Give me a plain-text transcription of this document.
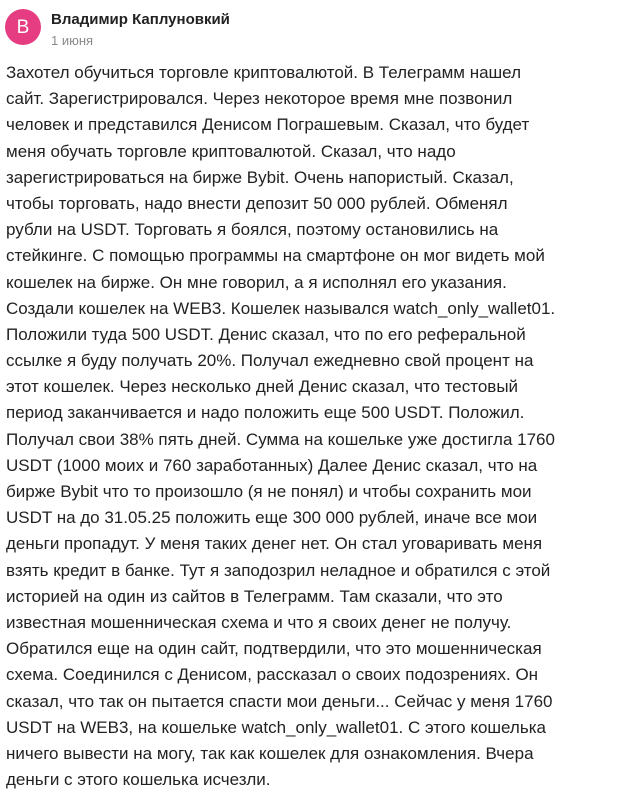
В Владимир Каплуновкий
1 июня

Захотел обучиться торговле криптовалютой. В Телеграмм нашел
сайт. Зарегистрировался. Через некоторое время мне позвонил
человек и представился Денисом Пограшевым. Сказал, что будет
меня обучать торговле криптовалютой. Сказал, что надо
зарегистрироваться на бирже Bybit. Очень напористый. Сказал,
чтобы торговать, надо внести депозит 50 000 рублей. Обменял
рубли на USDT. Торговать я боялся, поэтому остановились на
стейкинге. С помощью программы на смартфоне он мог видеть мой
кошелек на бирже. Он мне говорил, а я исполнял его указания.
Создали кошелек на WEB3. Кошелек назывался watch_only_wallet01.
Положили туда 500 USDT. Денис сказал, что по его реферальной
ссылке я буду получать 20%. Получал ежедневно свой процент на
этот кошелек. Через несколько дней Денис сказал, что тестовый
период заканчивается и надо положить еще 500 USDT. Положил.
Получал свои 38% пять дней. Сумма на кошельке уже достигла 1760
USDT (1000 моих и 760 заработанных) Далее Денис сказал, что на
бирже Bybit что то произошло (я не понял) и чтобы сохранить мои
USDT на до 31.05.25 положить еще 300 000 рублей, иначе все мои
деньги пропадут. У меня таких денег нет. Он стал уговаривать меня
взять кредит в банке. Тут я заподозрил неладное и обратился с этой
историей на один из сайтов в Телеграмм. Там сказали, что это
известная мошенническая схема и что я своих денег не получу.
Обратился еще на один сайт, подтвердили, что это мошенническая
схема. Соединился с Денисом, рассказал о своих подозрениях. Он
сказал, что так он пытается спасти мои деньги... Сейчас у меня 1760
USDT на WEB3, на кошельке watch_only_wallet01. С этого кошелька
ничего вывести на могу, так как кошелек для ознакомления. Вчера
деньги с этого кошелька исчезли.
